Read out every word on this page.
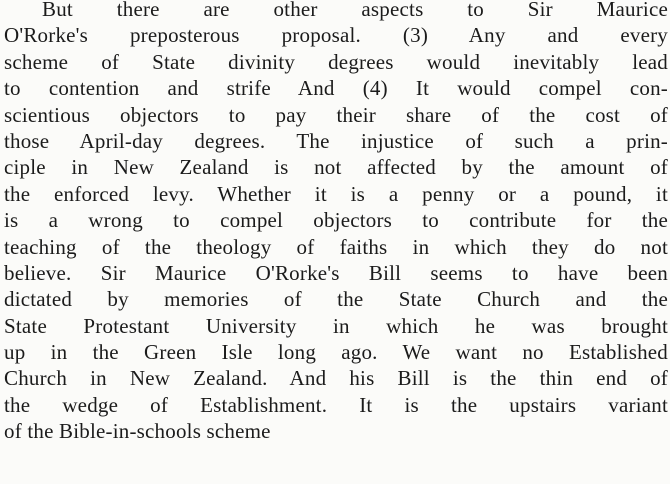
But there are other aspects to Sir Maurice
O'Rorke's preposterous proposal. (3) Any and every
scheme of State divinity degrees would inevitably lead
to contention and strife And (4) It would compel con-
scientious objectors to pay their share of the cost of
those April-day degrees. The injustice of such a prin-
ciple in New Zealand is not affected by the amount of
the enforced levy. Whether it is a penny or a pound, it
is a wrong to compel objectors to contribute for the
teaching of the theology of faiths in which they do not
believe. Sir Maurice O'Rorke's Bill seems to have been
dictated by memories of the State Church and the
State Protestant University in which he was brought
up in the Green Isle long ago. We want no Established
Church in New Zealand. And his Bill is the thin end of
the wedge of Establishment. It is the upstairs variant
of the Bible-in-schools scheme
